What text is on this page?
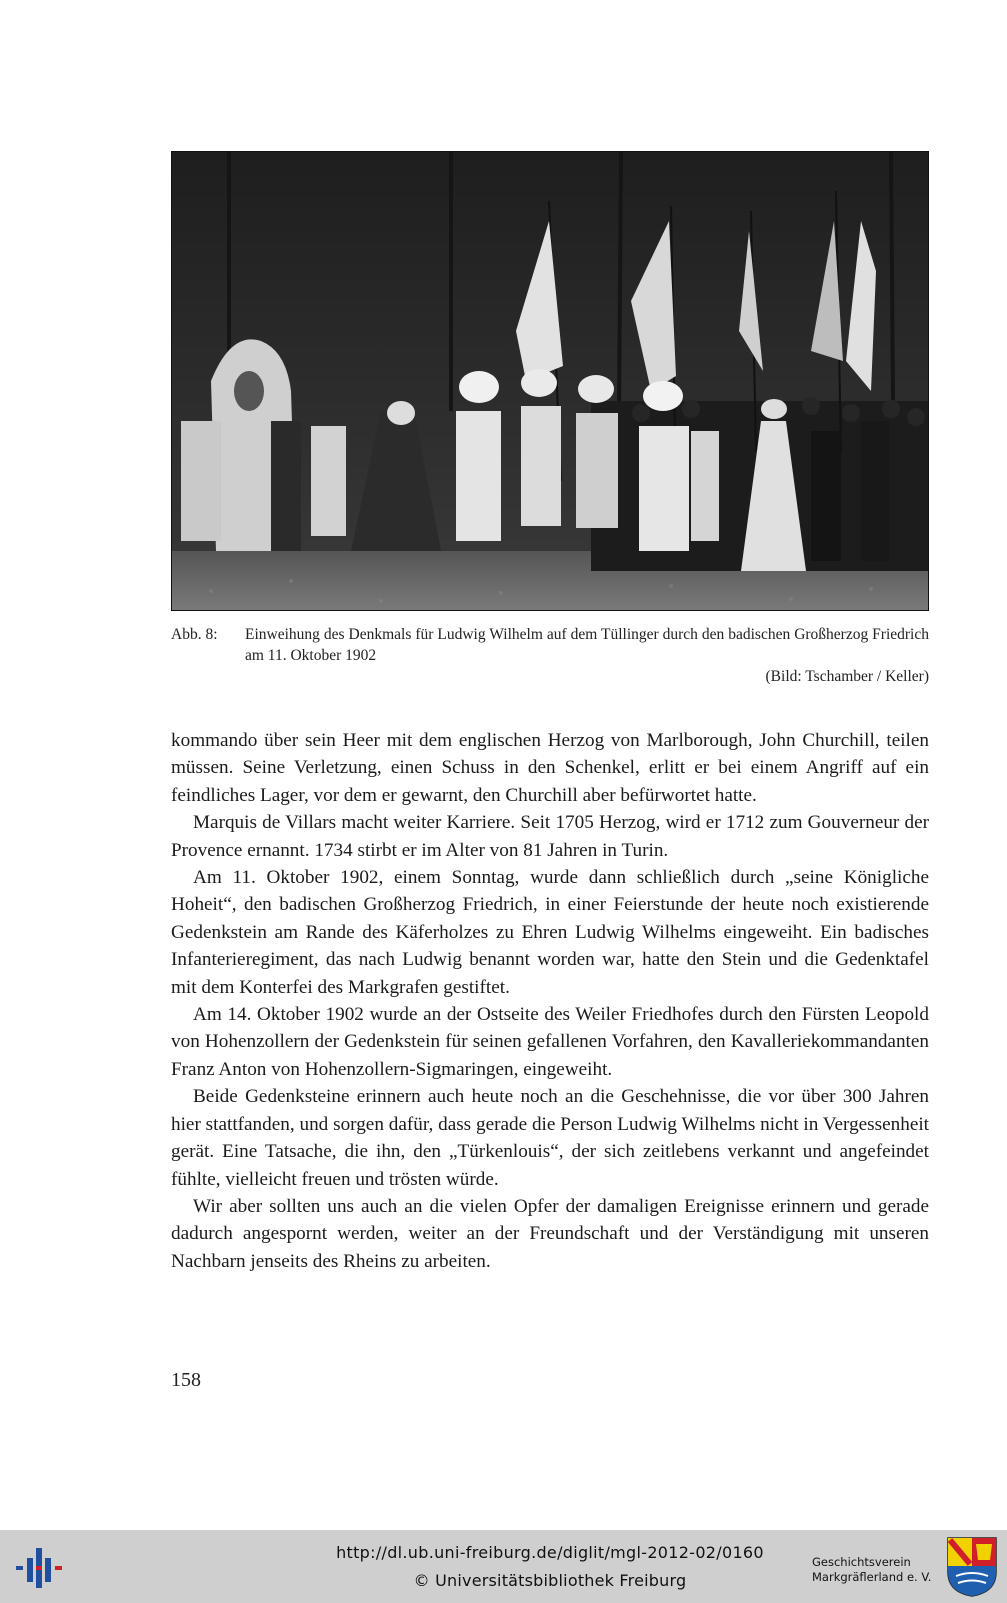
Abb. 8:	Einweihung des Denkmals für Ludwig Wilhelm auf dem Tüllinger durch den badischen Großherzog Friedrich am 11. Oktober 1902
(Bild: Tschamber / Keller)

kommando über sein Heer mit dem englischen Herzog von Marlborough, John Churchill, teilen müssen. Seine Verletzung, einen Schuss in den Schenkel, erlitt er bei einem Angriff auf ein feindliches Lager, vor dem er gewarnt, den Churchill aber befürwortet hatte.

Marquis de Villars macht weiter Karriere. Seit 1705 Herzog, wird er 1712 zum Gouverneur der Provence ernannt. 1734 stirbt er im Alter von 81 Jahren in Turin.

Am 11. Oktober 1902, einem Sonntag, wurde dann schließlich durch „seine Königliche Hoheit“, den badischen Großherzog Friedrich, in einer Feierstunde der heute noch existierende Gedenkstein am Rande des Käferholzes zu Ehren Ludwig Wilhelms eingeweiht. Ein badisches Infanterieregiment, das nach Ludwig benannt worden war, hatte den Stein und die Gedenktafel mit dem Konterfei des Markgrafen gestiftet.

Am 14. Oktober 1902 wurde an der Ostseite des Weiler Friedhofes durch den Fürsten Leopold von Hohenzollern der Gedenkstein für seinen gefallenen Vorfahren, den Kavalleriekommandanten Franz Anton von Hohenzollern-Sigmaringen, eingeweiht.

Beide Gedenksteine erinnern auch heute noch an die Geschehnisse, die vor über 300 Jahren hier stattfanden, und sorgen dafür, dass gerade die Person Ludwig Wilhelms nicht in Vergessenheit gerät. Eine Tatsache, die ihn, den „Türkenlouis“, der sich zeitlebens verkannt und angefeindet fühlte, vielleicht freuen und trösten würde.

Wir aber sollten uns auch an die vielen Opfer der damaligen Ereignisse erinnern und gerade dadurch angespornt werden, weiter an der Freundschaft und der Verständigung mit unseren Nachbarn jenseits des Rheins zu arbeiten.

158
http://dl.ub.uni-freiburg.de/diglit/mgl-2012-02/0160
© Universitätsbibliothek Freiburg
Geschichtsverein
Markgräflerland e. V.
